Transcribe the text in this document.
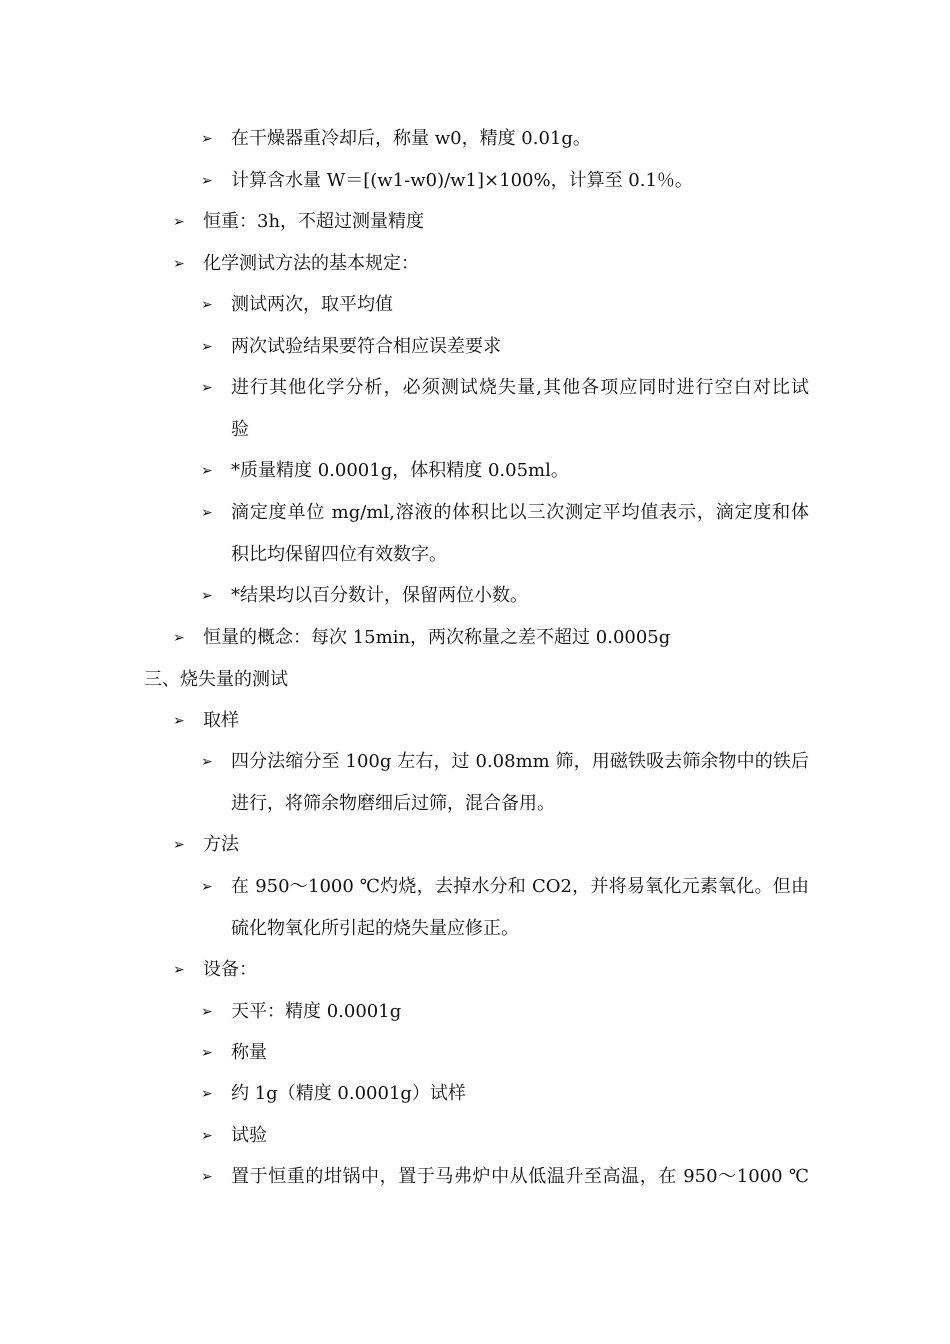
➢ 在干燥器重冷却后，称量 w0，精度 0.01g。
➢ 计算含水量 W＝[(w1-w0)/w1]×100%，计算至 0.1％。
➢ 恒重：3h，不超过测量精度
➢ 化学测试方法的基本规定：
➢ 测试两次，取平均值
➢ 两次试验结果要符合相应误差要求
➢ 进行其他化学分析，必须测试烧失量,其他各项应同时进行空白对比试
验
➢ *质量精度 0.0001g，体积精度 0.05ml。
➢ 滴定度单位 mg/ml,溶液的体积比以三次测定平均值表示，滴定度和体
积比均保留四位有效数字。
➢ *结果均以百分数计，保留两位小数。
➢ 恒量的概念：每次 15min，两次称量之差不超过 0.0005g
三、烧失量的测试
➢ 取样
➢ 四分法缩分至 100g 左右，过 0.08mm 筛，用磁铁吸去筛余物中的铁后
进行，将筛余物磨细后过筛，混合备用。
➢ 方法
➢ 在 950～1000 ℃灼烧，去掉水分和 CO2，并将易氧化元素氧化。但由
硫化物氧化所引起的烧失量应修正。
➢ 设备：
➢ 天平：精度 0.0001g
➢ 称量
➢ 约 1g（精度 0.0001g）试样
➢ 试验
➢ 置于恒重的坩锅中，置于马弗炉中从低温升至高温，在 950～1000 ℃
